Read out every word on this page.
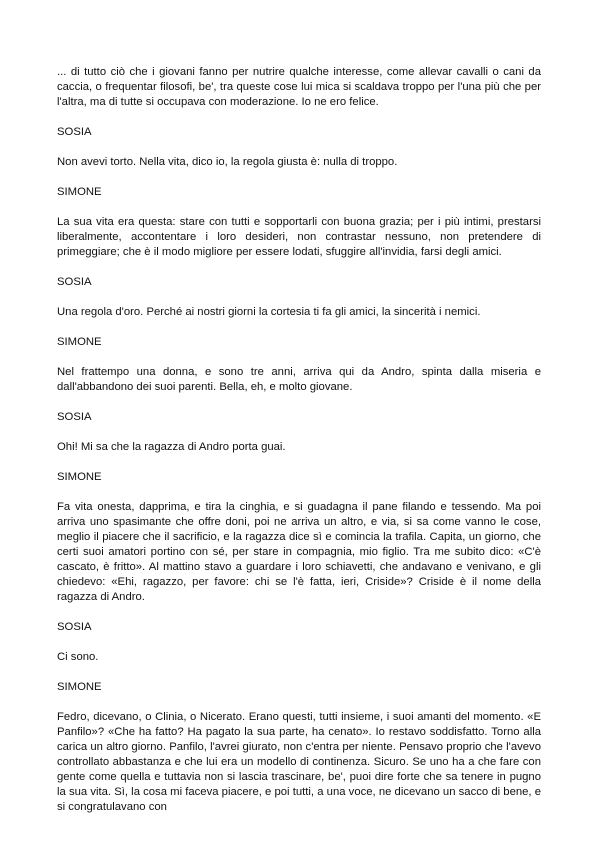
... di tutto ciò che i giovani fanno per nutrire qualche interesse, come allevar cavalli o cani da caccia, o frequentar filosofi, be', tra queste cose lui mica si scaldava troppo per l'una più che per l'altra, ma di tutte si occupava con moderazione. Io ne ero felice.

SOSIA

Non avevi torto. Nella vita, dico io, la regola giusta è: nulla di troppo.

SIMONE

La sua vita era questa: stare con tutti e sopportarli con buona grazia; per i più intimi, prestarsi liberalmente, accontentare i loro desideri, non contrastar nessuno, non pretendere di primeggiare; che è il modo migliore per essere lodati, sfuggire all'invidia, farsi degli amici.

SOSIA

Una regola d'oro. Perché ai nostri giorni la cortesia ti fa gli amici, la sincerità i nemici.

SIMONE

Nel frattempo una donna, e sono tre anni, arriva qui da Andro, spinta dalla miseria e dall'abbandono dei suoi parenti. Bella, eh, e molto giovane.

SOSIA

Ohi! Mi sa che la ragazza di Andro porta guai.

SIMONE

Fa vita onesta, dapprima, e tira la cinghia, e si guadagna il pane filando e tessendo. Ma poi arriva uno spasimante che offre doni, poi ne arriva un altro, e via, si sa come vanno le cose, meglio il piacere che il sacrificio, e la ragazza dice sì e comincia la trafila. Capita, un giorno, che certi suoi amatori portino con sé, per stare in compagnia, mio figlio. Tra me subito dico: «C'è cascato, è fritto». Al mattino stavo a guardare i loro schiavetti, che andavano e venivano, e gli chiedevo: «Ehi, ragazzo, per favore: chi se l'è fatta, ieri, Criside»? Criside è il nome della ragazza di Andro.

SOSIA

Ci sono.

SIMONE

Fedro, dicevano, o Clinia, o Nicerato. Erano questi, tutti insieme, i suoi amanti del momento. «E Panfilo»? «Che ha fatto? Ha pagato la sua parte, ha cenato». Io restavo soddisfatto. Torno alla carica un altro giorno. Panfilo, l'avrei giurato, non c'entra per niente. Pensavo proprio che l'avevo controllato abbastanza e che lui era un modello di continenza. Sicuro. Se uno ha a che fare con gente come quella e tuttavia non si lascia trascinare, be', puoi dire forte che sa tenere in pugno la sua vita. Sì, la cosa mi faceva piacere, e poi tutti, a una voce, ne dicevano un sacco di bene, e si congratulavano con
